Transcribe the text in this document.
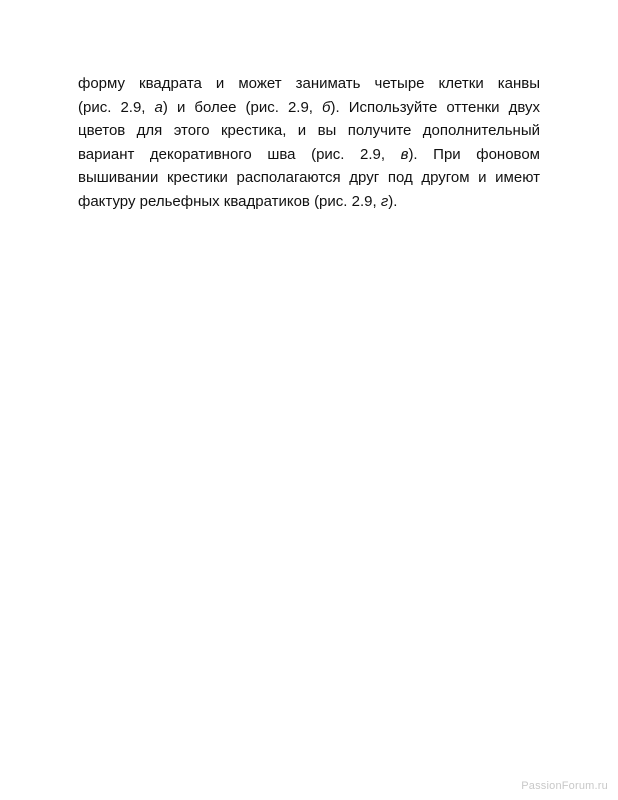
форму квадрата и может занимать четыре клетки канвы
(рис. 2.9, а) и более (рис. 2.9, б). Используйте оттенки двух
цветов для этого крестика, и вы получите дополнительный
вариант декоративного шва (рис. 2.9, в). При фоновом
вышивании крестики располагаются друг под другом и имеют
фактуру рельефных квадратиков (рис. 2.9, г).

PassionForum.ru
